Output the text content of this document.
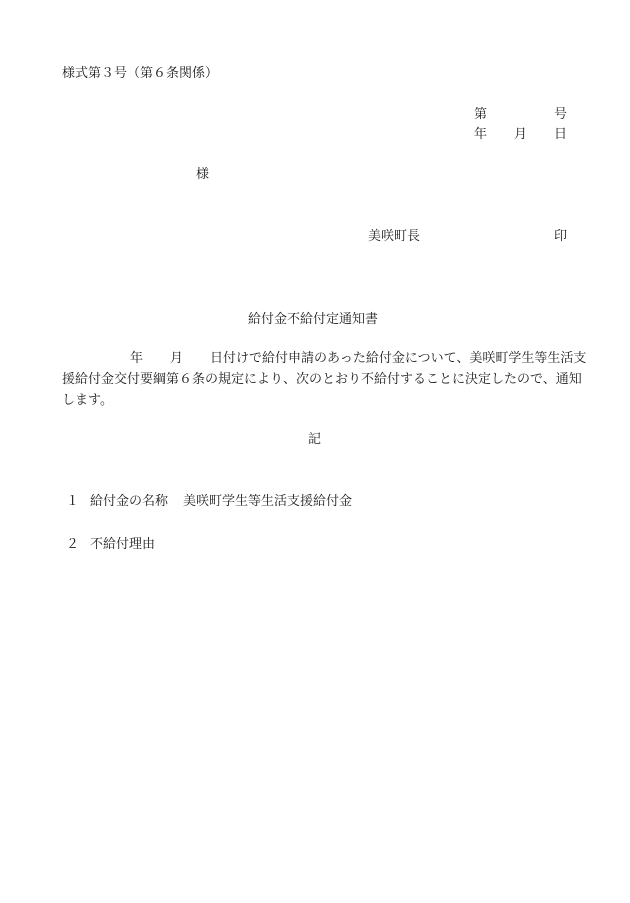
様式第３号（第６条関係）
第	号
年 月 日
様
美咲町長	印
給付金不給付定通知書
年 月 日付けで給付申請のあった給付金について、美咲町学生等生活支援給付金交付要綱第６条の規定により、次のとおり不給付することに決定したので、通知します。
記
１ 給付金の名称 美咲町学生等生活支援給付金
２ 不給付理由
